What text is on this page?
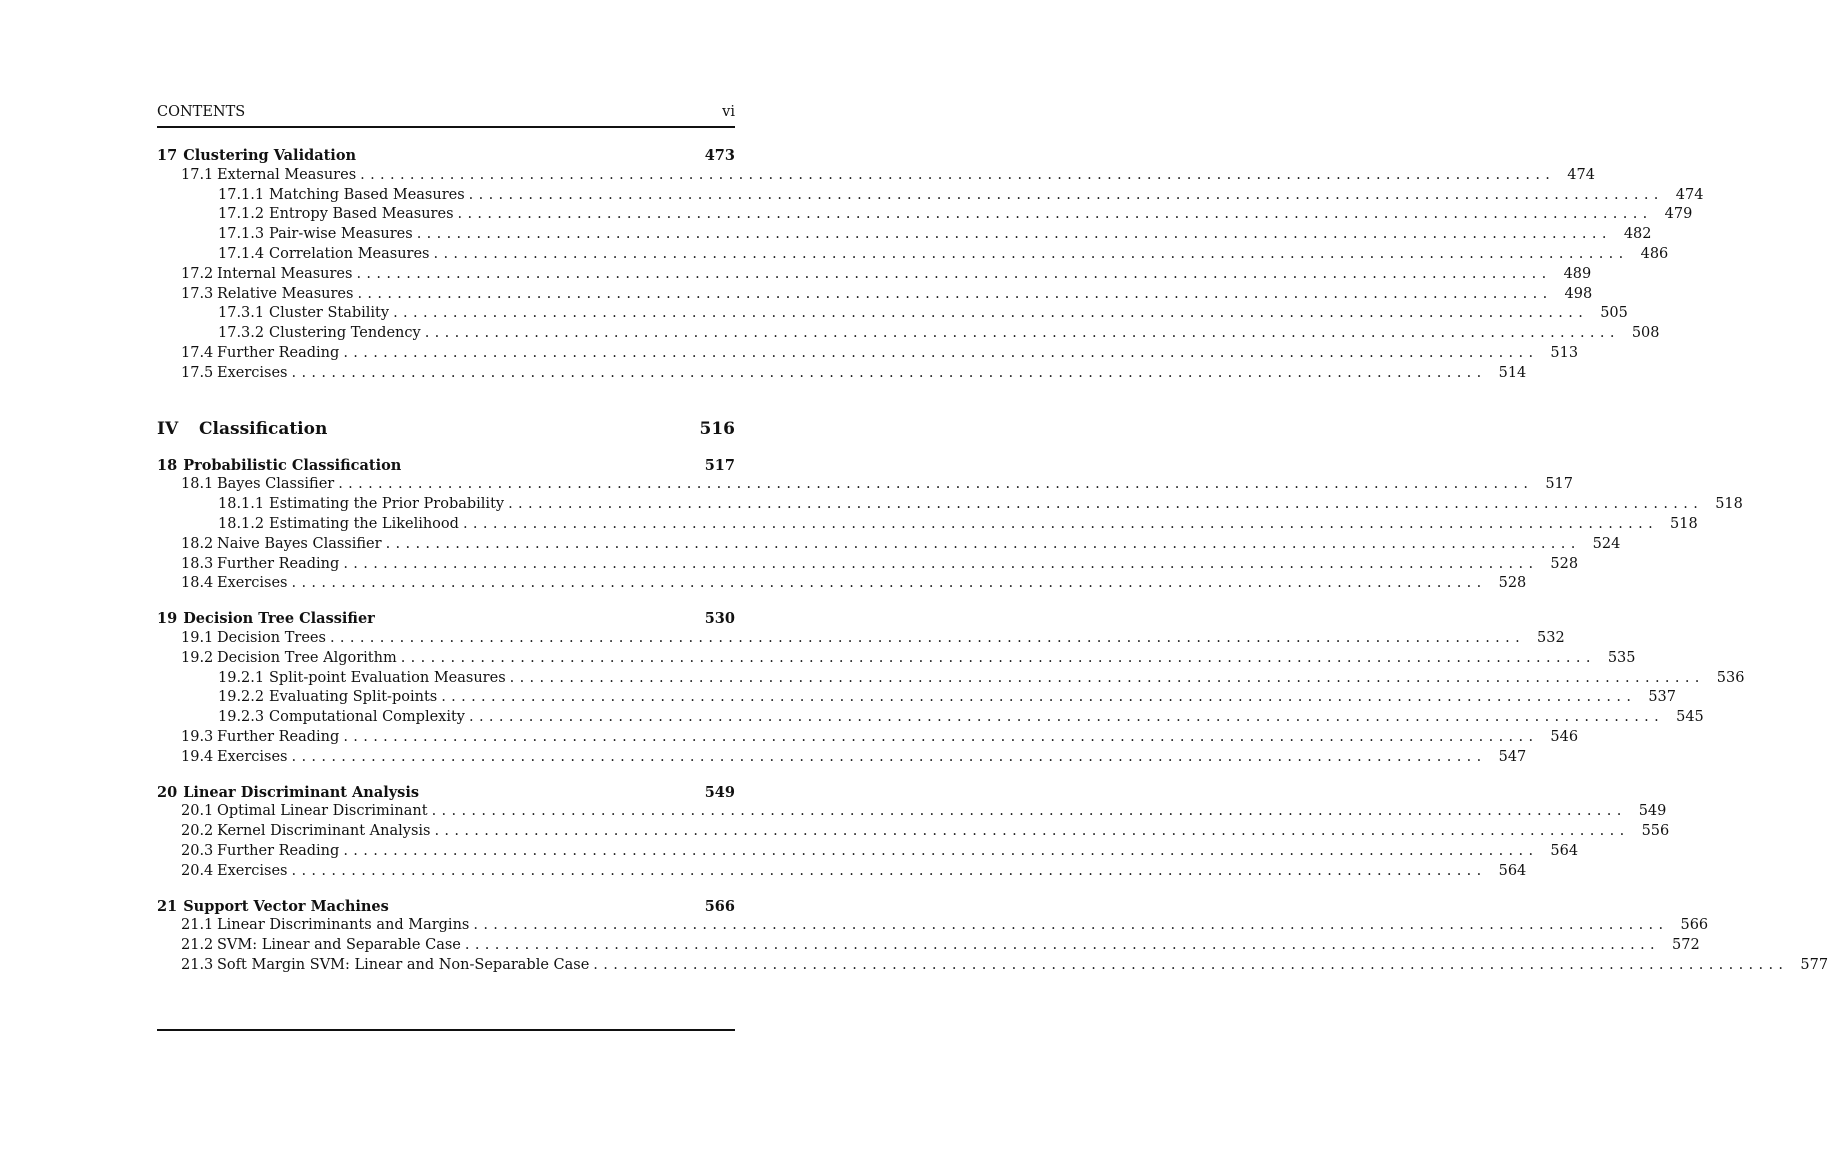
CONTENTS	vi
17 Clustering Validation	473
17.1 External Measures ........................................................................................................................ 474
17.1.1 Matching Based Measures ........................................................................................................................ 474
17.1.2 Entropy Based Measures ........................................................................................................................ 479
17.1.3 Pair-wise Measures ........................................................................................................................ 482
17.1.4 Correlation Measures ........................................................................................................................ 486
17.2 Internal Measures ........................................................................................................................ 489
17.3 Relative Measures ........................................................................................................................ 498
17.3.1 Cluster Stability ........................................................................................................................ 505
17.3.2 Clustering Tendency ........................................................................................................................ 508
17.4 Further Reading ........................................................................................................................ 513
17.5 Exercises ........................................................................................................................ 514
IV	Classification	516
18 Probabilistic Classification	517
18.1 Bayes Classifier ........................................................................................................................ 517
18.1.1 Estimating the Prior Probability ........................................................................................................................ 518
18.1.2 Estimating the Likelihood ........................................................................................................................ 518
18.2 Naive Bayes Classifier ........................................................................................................................ 524
18.3 Further Reading ........................................................................................................................ 528
18.4 Exercises ........................................................................................................................ 528
19 Decision Tree Classifier	530
19.1 Decision Trees ........................................................................................................................ 532
19.2 Decision Tree Algorithm ........................................................................................................................ 535
19.2.1 Split-point Evaluation Measures ........................................................................................................................ 536
19.2.2 Evaluating Split-points ........................................................................................................................ 537
19.2.3 Computational Complexity ........................................................................................................................ 545
19.3 Further Reading ........................................................................................................................ 546
19.4 Exercises ........................................................................................................................ 547
20 Linear Discriminant Analysis	549
20.1 Optimal Linear Discriminant ........................................................................................................................ 549
20.2 Kernel Discriminant Analysis ........................................................................................................................ 556
20.3 Further Reading ........................................................................................................................ 564
20.4 Exercises ........................................................................................................................ 564
21 Support Vector Machines	566
21.1 Linear Discriminants and Margins ........................................................................................................................ 566
21.2 SVM: Linear and Separable Case ........................................................................................................................ 572
21.3 Soft Margin SVM: Linear and Non-Separable Case ........................................................................................................................ 577
